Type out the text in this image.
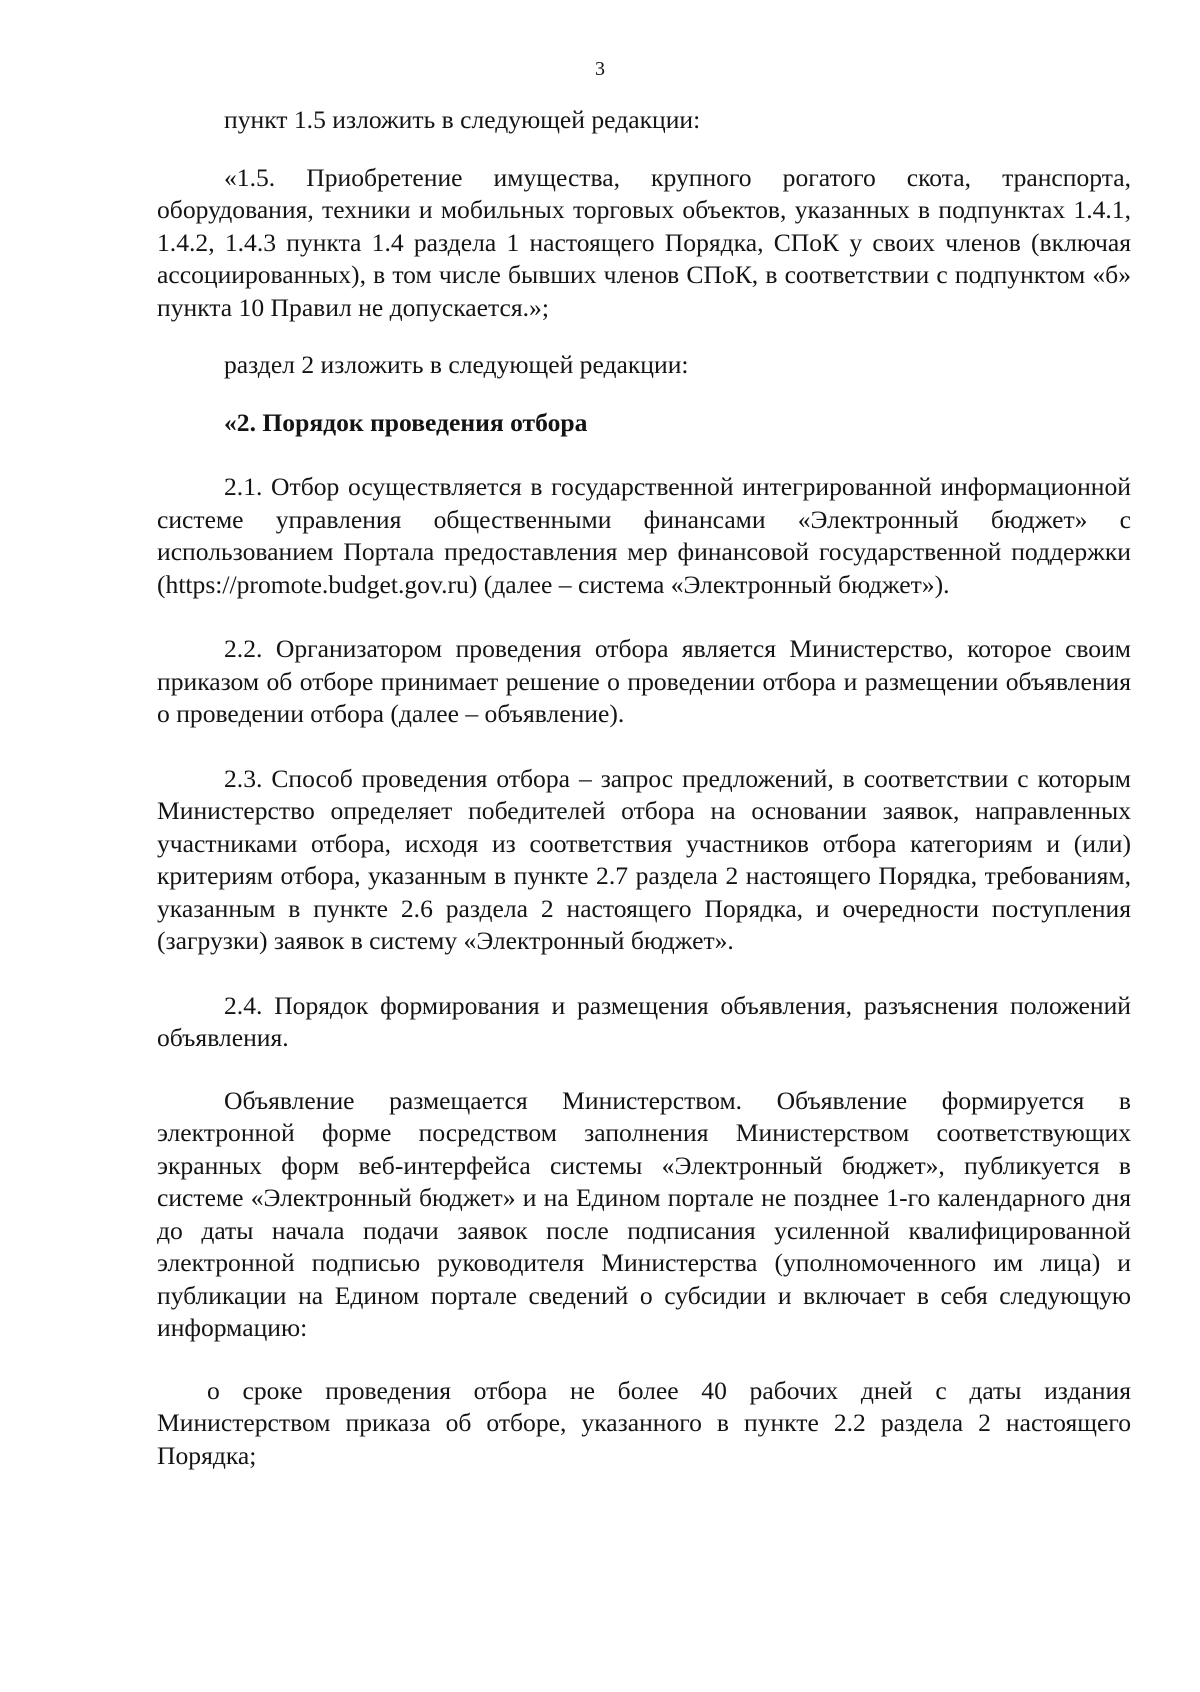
3

пункт 1.5 изложить в следующей редакции:

«1.5. Приобретение имущества, крупного рогатого скота, транспорта, оборудования, техники и мобильных торговых объектов, указанных в подпунктах 1.4.1, 1.4.2, 1.4.3 пункта 1.4 раздела 1 настоящего Порядка, СПоК у своих членов (включая ассоциированных), в том числе бывших членов СПоК, в соответствии с подпунктом «б» пункта 10 Правил не допускается.»;

раздел 2 изложить в следующей редакции:

«2. Порядок проведения отбора

2.1. Отбор осуществляется в государственной интегрированной информационной системе управления общественными финансами «Электронный бюджет» с использованием Портала предоставления мер финансовой государственной поддержки (https://promote.budget.gov.ru) (далее – система «Электронный бюджет»).

2.2. Организатором проведения отбора является Министерство, которое своим приказом об отборе принимает решение о проведении отбора и размещении объявления о проведении отбора (далее – объявление).

2.3. Способ проведения отбора – запрос предложений, в соответствии с которым Министерство определяет победителей отбора на основании заявок, направленных участниками отбора, исходя из соответствия участников отбора категориям и (или) критериям отбора, указанным в пункте 2.7 раздела 2 настоящего Порядка, требованиям, указанным в пункте 2.6 раздела 2 настоящего Порядка, и очередности поступления (загрузки) заявок в систему «Электронный бюджет».

2.4. Порядок формирования и размещения объявления, разъяснения положений объявления.

Объявление размещается Министерством. Объявление формируется в электронной форме посредством заполнения Министерством соответствующих экранных форм веб-интерфейса системы «Электронный бюджет», публикуется в системе «Электронный бюджет» и на Едином портале не позднее 1-го календарного дня до даты начала подачи заявок после подписания усиленной квалифицированной электронной подписью руководителя Министерства (уполномоченного им лица) и публикации на Едином портале сведений о субсидии и включает в себя следующую информацию:

о сроке проведения отбора не более 40 рабочих дней с даты издания Министерством приказа об отборе, указанного в пункте 2.2 раздела 2 настоящего Порядка;
